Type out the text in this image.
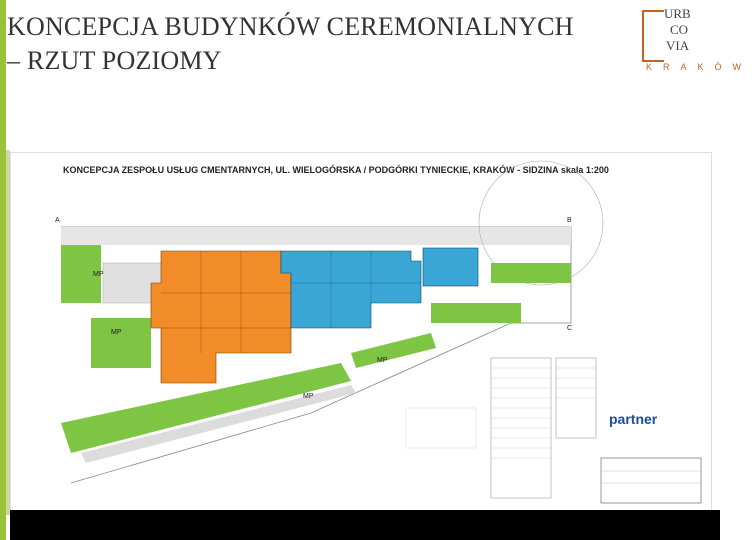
KONCEPCJA BUDYNKÓW CEREMONIALNYCH
– RZUT POZIOMY
URB
CO
VIA
KRAKÓW
KONCEPCJA ZESPOŁU USŁUG CMENTARNYCH, UL. WIELOGÓRSKA / PODGÓRKI TYNIECKIE, KRAKÓW - SIDZINA skala 1:200
A	B
C
MP
MP
MP
MP
partner
